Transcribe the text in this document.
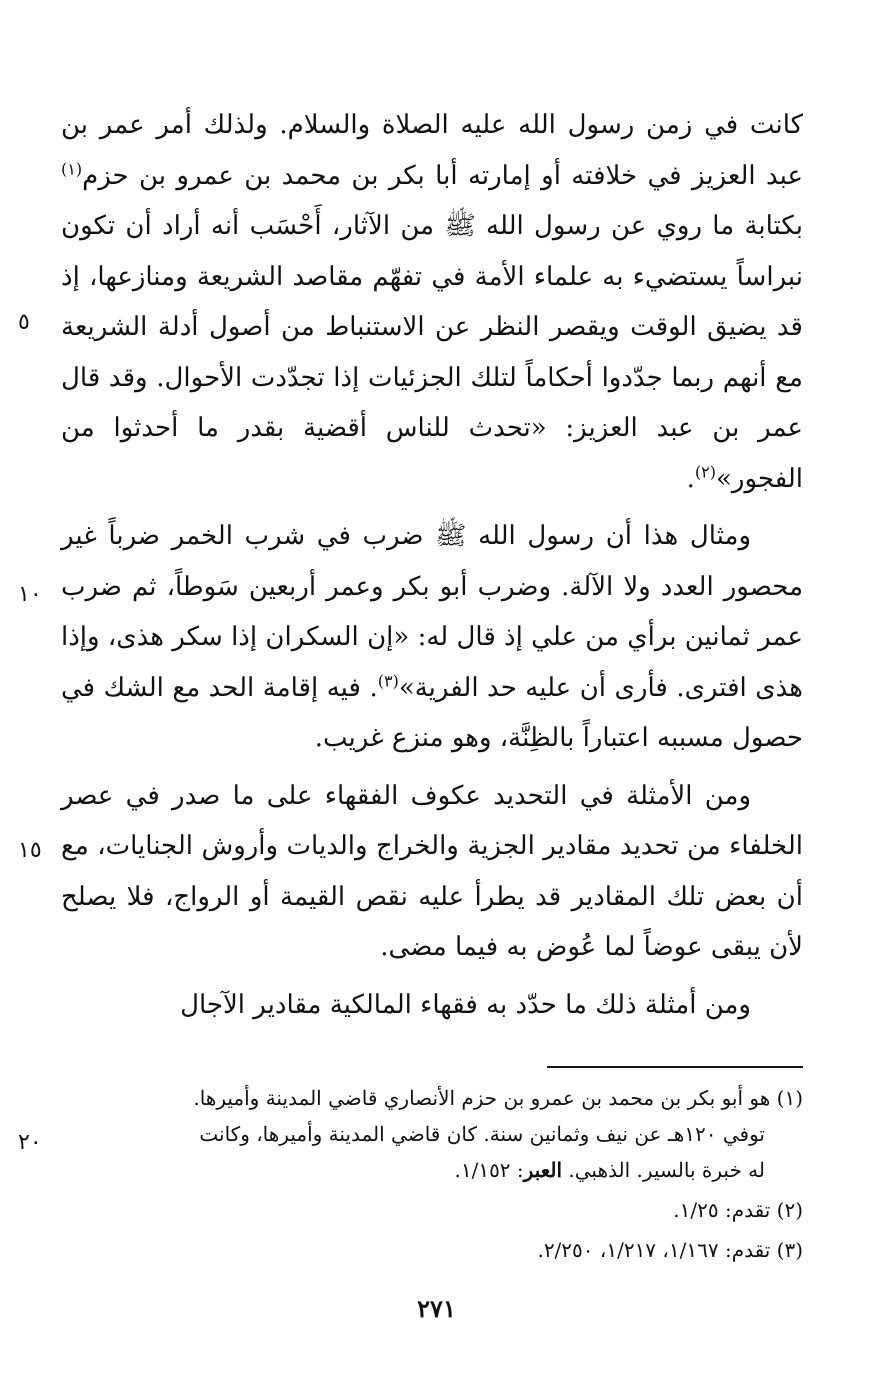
كانت في زمن رسول الله عليه الصلاة والسلام. ولذلك أمر عمر بن عبد العزيز في خلافته أو إمارته أبا بكر بن محمد بن عمرو بن حزم$^{(١)}$ بكتابة ما روي عن رسول الله ﷺ من الآثار، أَحْسَب أنه أراد أن تكون نبراساً يستضيء به علماء الأمة في تفهّم مقاصد الشريعة ومنازعها، إذ قد يضيق الوقت ويقصر النظر عن الاستنباط من أصول أدلة الشريعة مع أنهم ربما جدّدوا أحكاماً لتلك الجزئيات إذا تجدّدت الأحوال. وقد قال عمر بن عبد العزيز: «تحدث للناس أقضية بقدر ما أحدثوا من الفجور»$^{(٢)}$.

ومثال هذا أن رسول الله ﷺ ضرب في شرب الخمر ضرباً غير محصور العدد ولا الآلة. وضرب أبو بكر وعمر أربعين سَوطاً، ثم ضرب عمر ثمانين برأي من علي إذ قال له: «إن السكران إذا سكر هذى، وإذا هذى افترى. فأرى أن عليه حد الفرية»$^{(٣)}$. فيه إقامة الحد مع الشك في حصول مسببه اعتباراً بالظِنَّة، وهو منزع غريب.

ومن الأمثلة في التحديد عكوف الفقهاء على ما صدر في عصر الخلفاء من تحديد مقادير الجزية والخراج والديات وأروش الجنايات، مع أن بعض تلك المقادير قد يطرأ عليه نقص القيمة أو الرواج، فلا يصلح لأن يبقى عوضاً لما عُوض به فيما مضى.

ومن أمثلة ذلك ما حدّد به فقهاء المالكية مقادير الآجال

٥
١٠
١٥
٢٠

(١) هو أبو بكر بن محمد بن عمرو بن حزم الأنصاري قاضي المدينة وأميرها.
توفي ١٢٠هـ عن نيف وثمانين سنة. كان قاضي المدينة وأميرها، وكانت
له خبرة بالسير. الذهبي. العبر: ١/١٥٢.

(٢) تقدم: ١/٢٥.

(٣) تقدم: ١/١٦٧، ١/٢١٧، ٢/٢٥٠.

٢٧١
